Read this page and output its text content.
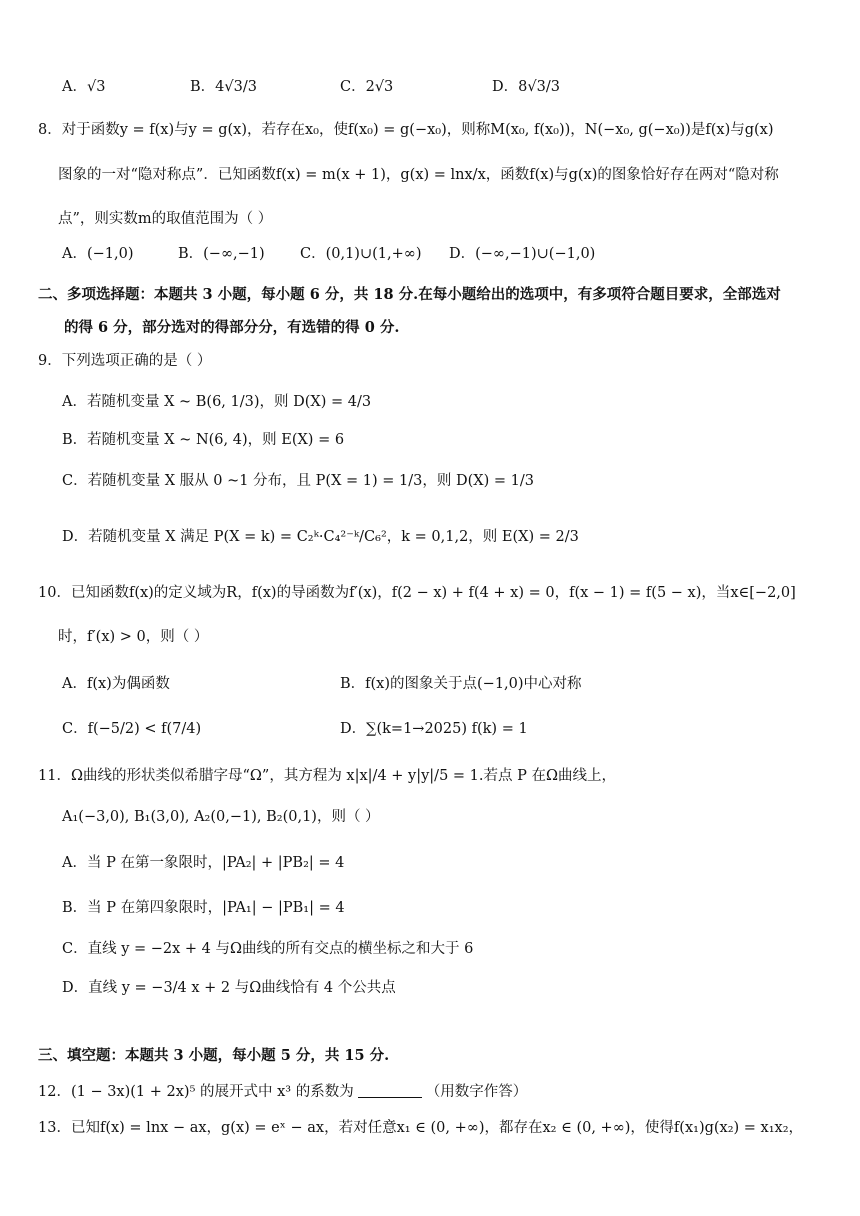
A．√3	B．4√3/3	C．2√3	D．8√3/3
8．对于函数y = f(x)与y = g(x)，若存在x₀，使f(x₀) = g(−x₀)，则称M(x₀, f(x₀))，N(−x₀, g(−x₀))是f(x)与g(x)
图象的一对“隐对称点”．已知函数f(x) = m(x + 1)，g(x) = lnx/x，函数f(x)与g(x)的图象恰好存在两对“隐对称
点”，则实数m的取值范围为（ ）
A．(−1,0)	B．(−∞,−1) C．(0,1)∪(1,+∞) D．(−∞,−1)∪(−1,0)
二、多项选择题：本题共 3 小题，每小题 6 分，共 18 分.在每小题给出的选项中，有多项符合题目要求，全部选对
的得 6 分，部分选对的得部分分，有选错的得 0 分.
9．下列选项正确的是（ ）
A．若随机变量 X ~ B(6, 1/3)，则 D(X) = 4/3
B．若随机变量 X ~ N(6, 4)，则 E(X) = 6
C．若随机变量 X 服从 0 ~1 分布，且 P(X = 1) = 1/3，则 D(X) = 1/3
D．若随机变量 X 满足 P(X = k) = C₂ᵏ·C₄²⁻ᵏ/C₆²，k = 0,1,2，则 E(X) = 2/3
10．已知函数f(x)的定义域为R，f(x)的导函数为f′(x)，f(2 − x) + f(4 + x) = 0，f(x − 1) = f(5 − x)，当x∈[−2,0]
时，f′(x) > 0，则（ ）
A．f(x)为偶函数	B．f(x)的图象关于点(−1,0)中心对称
C．f(−5/2) < f(7/4)	D．∑(k=1→2025) f(k) = 1
11．Ω曲线的形状类似希腊字母“Ω”，其方程为 x|x|/4 + y|y|/5 = 1.若点 P 在Ω曲线上，
A₁(−3,0), B₁(3,0), A₂(0,−1), B₂(0,1)，则（ ）
A．当 P 在第一象限时，|PA₂| + |PB₂| = 4
B．当 P 在第四象限时，|PA₁| − |PB₁| = 4
C．直线 y = −2x + 4 与Ω曲线的所有交点的横坐标之和大于 6
D．直线 y = −3/4 x + 2 与Ω曲线恰有 4 个公共点
三、填空题：本题共 3 小题，每小题 5 分，共 15 分.
12．(1 − 3x)(1 + 2x)⁵ 的展开式中 x³ 的系数为	（用数字作答）
13．已知f(x) = lnx − ax，g(x) = eˣ − ax，若对任意x₁ ∈ (0, +∞)，都存在x₂ ∈ (0, +∞)，使得f(x₁)g(x₂) = x₁x₂，
